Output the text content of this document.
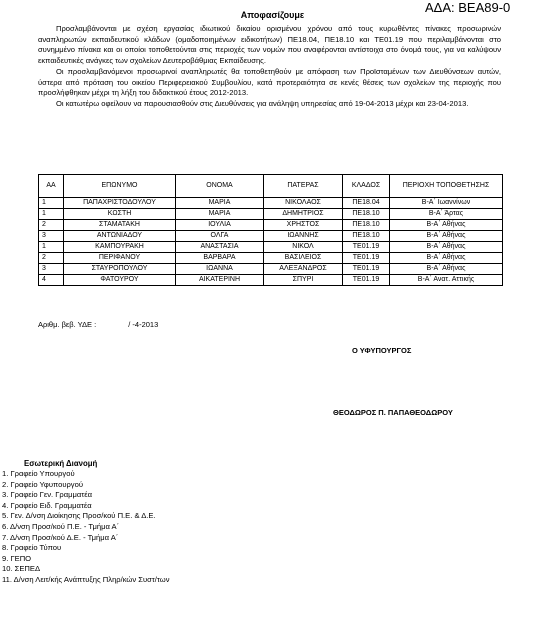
ΑΔΑ: ΒΕΑ89-0
Αποφασίζουμε

Προσλαμβάνονται με σχέση εργασίας ιδιωτικού δικαίου ορισμένου χρόνου από τους κυρωθέντες πίνακες προσωρινών αναπληρωτών εκπαιδευτικού κλάδων (ομαδοποιημένων ειδικοτήτων) ΠΕ18.04, ΠΕ18.10 και ΤΕ01.19 που περιλαμβάνονται στο συνημμένο πίνακα και οι οποίοι τοποθετούνται στις περιοχές των νομών που αναφέρονται αντίστοιχα στο όνομά τους, για να καλύψουν εκπαιδευτικές ανάγκες των σχολείων Δευτεροβάθμιας Εκπαίδευσης.

Οι προσλαμβανόμενοι προσωρινοί αναπληρωτές θα τοποθετηθούν με απόφαση των Προϊσταμένων των Διευθύνσεων αυτών, ύστερα από πρόταση του οικείου Περιφερειακού Συμβουλίου, κατά προτεραιότητα σε κενές θέσεις των σχολείων της περιοχής που προσλήφθηκαν μέχρι τη λήξη του διδακτικού έτους 2012-2013.

Οι κατωτέρω οφείλουν να παρουσιασθούν στις Διευθύνσεις για ανάληψη υπηρεσίας από 19-04-2013 μέχρι και 23-04-2013.

ΑΑ	ΕΠΩΝΥΜΟ	ΟΝΟΜΑ	ΠΑΤΕΡΑΣ	ΚΛΑΔΟΣ	ΠΕΡΙΟΧΗ ΤΟΠΟΘΕΤΗΣΗΣ
1	ΠΑΠΑΧΡΙΣΤΟΔΟΥΛΟΥ	ΜΑΡΙΑ	ΝΙΚΟΛΑΟΣ	ΠΕ18.04	Β-Α΄ Ιωαννίνων
1	ΚΩΣΤΗ	ΜΑΡΙΑ	ΔΗΜΗΤΡΙΟΣ	ΠΕ18.10	Β-Α΄ Άρτας
2	ΣΤΑΜΑΤΑΚΗ	ΙΟΥΛΙΑ	ΧΡΗΣΤΟΣ	ΠΕ18.10	Β-Α΄ Αθήνας
3	ΑΝΤΩΝΙΑΔΟΥ	ΟΛΓΑ	ΙΩΑΝΝΗΣ	ΠΕ18.10	Β-Α΄ Αθήνας
1	ΚΑΜΠΟΥΡΑΚΗ	ΑΝΑΣΤΑΣΙΑ	ΝΙΚΟΛ	ΤΕ01.19	Β-Α΄ Αθήνας
2	ΠΕΡΙΦΑΝΟΥ	ΒΑΡΒΑΡΑ	ΒΑΣΙΛΕΙΟΣ	ΤΕ01.19	Β-Α΄ Αθήνας
3	ΣΤΑΥΡΟΠΟΥΛΟΥ	ΙΩΑΝΝΑ	ΑΛΕΞΑΝΔΡΟΣ	ΤΕ01.19	Β-Α΄ Αθήνας
4	ΦΑΤΟΥΡΟΥ	ΑΙΚΑΤΕΡΙΝΗ	ΣΠΥΡΙ	ΤΕ01.19	Β-Α΄ Ανατ. Αττικής
Αριθμ. βεβ. ΥΔΕ :	/ -4-2013
Ο ΥΦΥΠΟΥΡΓΟΣ
ΘΕΟΔΩΡΟΣ Π. ΠΑΠΑΘΕΟΔΩΡΟΥ
Εσωτερική Διανομή
1. Γραφείο Υπουργού
2. Γραφείο Υφυπουργού
3. Γραφείο Γεν. Γραμματέα
4. Γραφείο Ειδ. Γραμματέα
5. Γεν. Δ/νση Διοίκησης Προσ/κού Π.Ε. & Δ.Ε.
6. Δ/νση Προσ/κού Π.Ε. - Τμήμα Α΄
7. Δ/νση Προσ/κού Δ.Ε. - Τμήμα Α΄
8. Γραφείο Τύπου
9. ΓΕΠΟ
10. ΣΕΠΕΔ
11. Δ/νση Λειτ/κής Ανάπτυξης Πληρ/κών Συστ/των
